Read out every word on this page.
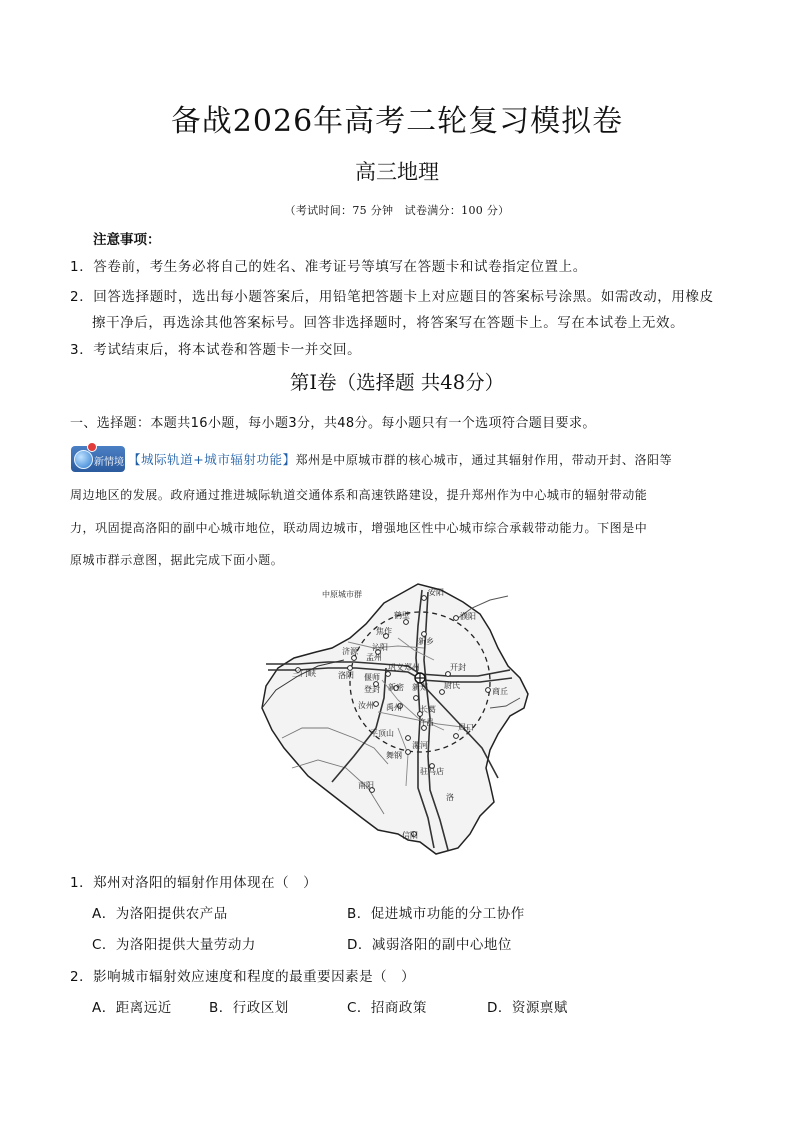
备战2026年高考二轮复习模拟卷
高三地理
（考试时间：75 分钟　试卷满分：100 分）
注意事项：
1．答卷前，考生务必将自己的姓名、准考证号等填写在答题卡和试卷指定位置上。
2．回答选择题时，选出每小题答案后，用铅笔把答题卡上对应题目的答案标号涂黑。如需改动，用橡皮
擦干净后，再选涂其他答案标号。回答非选择题时，将答案写在答题卡上。写在本试卷上无效。
3．考试结束后，将本试卷和答题卡一并交回。
第Ⅰ卷（选择题 共48分）
一、选择题：本题共16小题，每小题3分，共48分。每小题只有一个选项符合题目要求。
新情境 【城际轨道+城市辐射功能】郑州是中原城市群的核心城市，通过其辐射作用，带动开封、洛阳等
周边地区的发展。政府通过推进城际轨道交通体系和高速铁路建设，提升郑州作为中心城市的辐射带动能
力，巩固提高洛阳的副中心城市地位，联动周边城市，增强地区性中心城市综合承载带动能力。下图是中
原城市群示意图，据此完成下面小题。
中原城市群	安阳
鹤壁	濮阳
焦作
新乡
济源 沁阳
孟州
郑州	开封
洛阳
三门峡	偃师
巩义
登封 新密 新郑 尉氏
汝州 禹州 长葛
许昌
平顶山
漯河
周口
商丘
舞钢
驻马店
南阳
信阳
洛
1．郑州对洛阳的辐射作用体现在（　）
A．为洛阳提供农产品	B．促进城市功能的分工协作
C．为洛阳提供大量劳动力	D．减弱洛阳的副中心地位
2．影响城市辐射效应速度和程度的最重要因素是（　）
A．距离远近	B．行政区划	C．招商政策	D．资源禀赋
